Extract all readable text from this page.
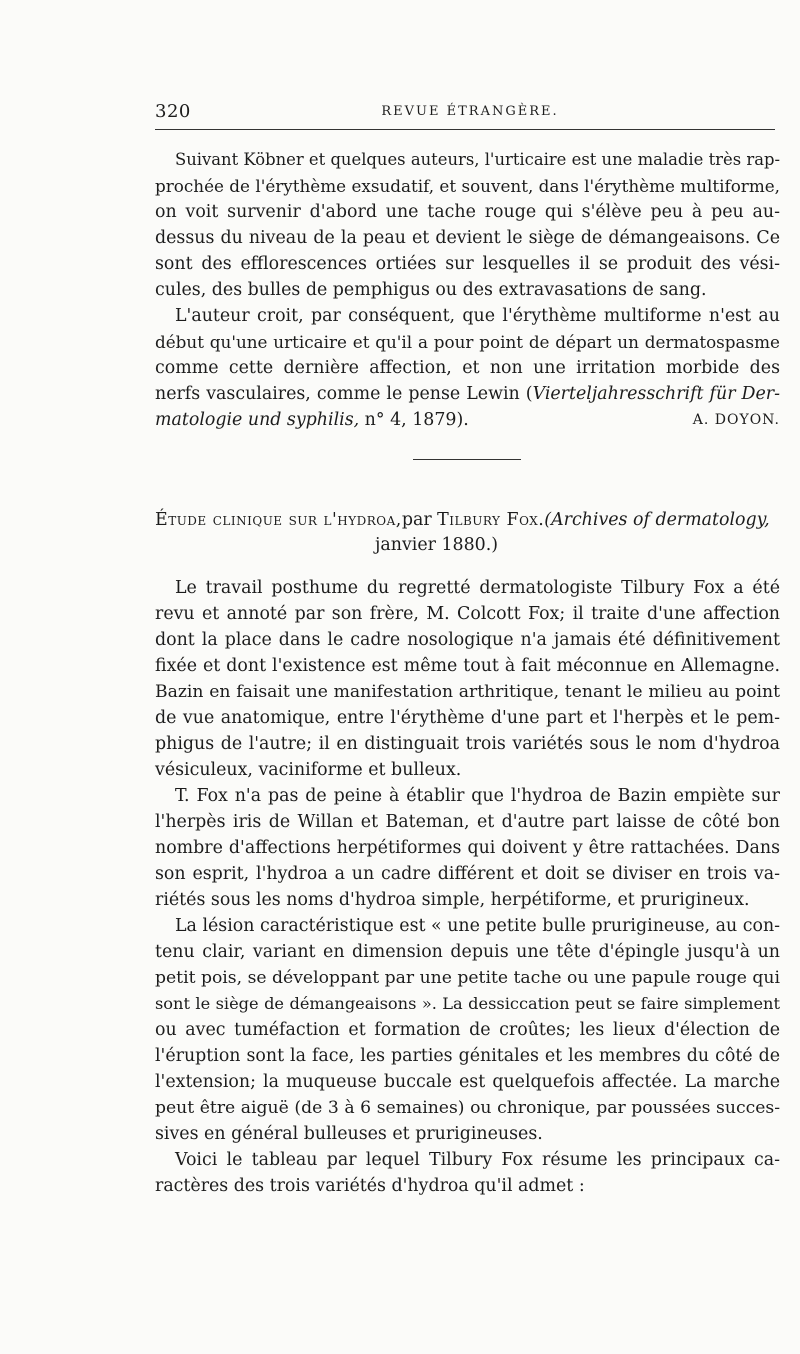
320	REVUE ÉTRANGÈRE.
Suivant Köbner et quelques auteurs, l'urticaire est une maladie très rap-
prochée de l'érythème exsudatif, et souvent, dans l'érythème multiforme,
on voit survenir d'abord une tache rouge qui s'élève peu à peu au-
dessus du niveau de la peau et devient le siège de démangeaisons. Ce
sont des efflorescences ortiées sur lesquelles il se produit des vési-
cules, des bulles de pemphigus ou des extravasations de sang.
L'auteur croit, par conséquent, que l'érythème multiforme n'est au
début qu'une urticaire et qu'il a pour point de départ un dermatospasme
comme cette dernière affection, et non une irritation morbide des
nerfs vasculaires, comme le pense Lewin (Vierteljahresschrift für Der-
matologie und syphilis, n° 4, 1879).	A. DOYON.
Étude clinique sur l'hydroa,par Tilbury Fox.(Archives of dermatology,
janvier 1880.)
Le travail posthume du regretté dermatologiste Tilbury Fox a été
revu et annoté par son frère, M. Colcott Fox; il traite d'une affection
dont la place dans le cadre nosologique n'a jamais été définitivement
fixée et dont l'existence est même tout à fait méconnue en Allemagne.
Bazin en faisait une manifestation arthritique, tenant le milieu au point
de vue anatomique, entre l'érythème d'une part et l'herpès et le pem-
phigus de l'autre; il en distinguait trois variétés sous le nom d'hydroa
vésiculeux, vaciniforme et bulleux.
T. Fox n'a pas de peine à établir que l'hydroa de Bazin empiète sur
l'herpès iris de Willan et Bateman, et d'autre part laisse de côté bon
nombre d'affections herpétiformes qui doivent y être rattachées. Dans
son esprit, l'hydroa a un cadre différent et doit se diviser en trois va-
riétés sous les noms d'hydroa simple, herpétiforme, et prurigineux.
La lésion caractéristique est « une petite bulle prurigineuse, au con-
tenu clair, variant en dimension depuis une tête d'épingle jusqu'à un
petit pois, se développant par une petite tache ou une papule rouge qui
sont le siège de démangeaisons ». La dessiccation peut se faire simplement
ou avec tuméfaction et formation de croûtes; les lieux d'élection de
l'éruption sont la face, les parties génitales et les membres du côté de
l'extension; la muqueuse buccale est quelquefois affectée. La marche
peut être aiguë (de 3 à 6 semaines) ou chronique, par poussées succes-
sives en général bulleuses et prurigineuses.
Voici le tableau par lequel Tilbury Fox résume les principaux ca-
ractères des trois variétés d'hydroa qu'il admet :
